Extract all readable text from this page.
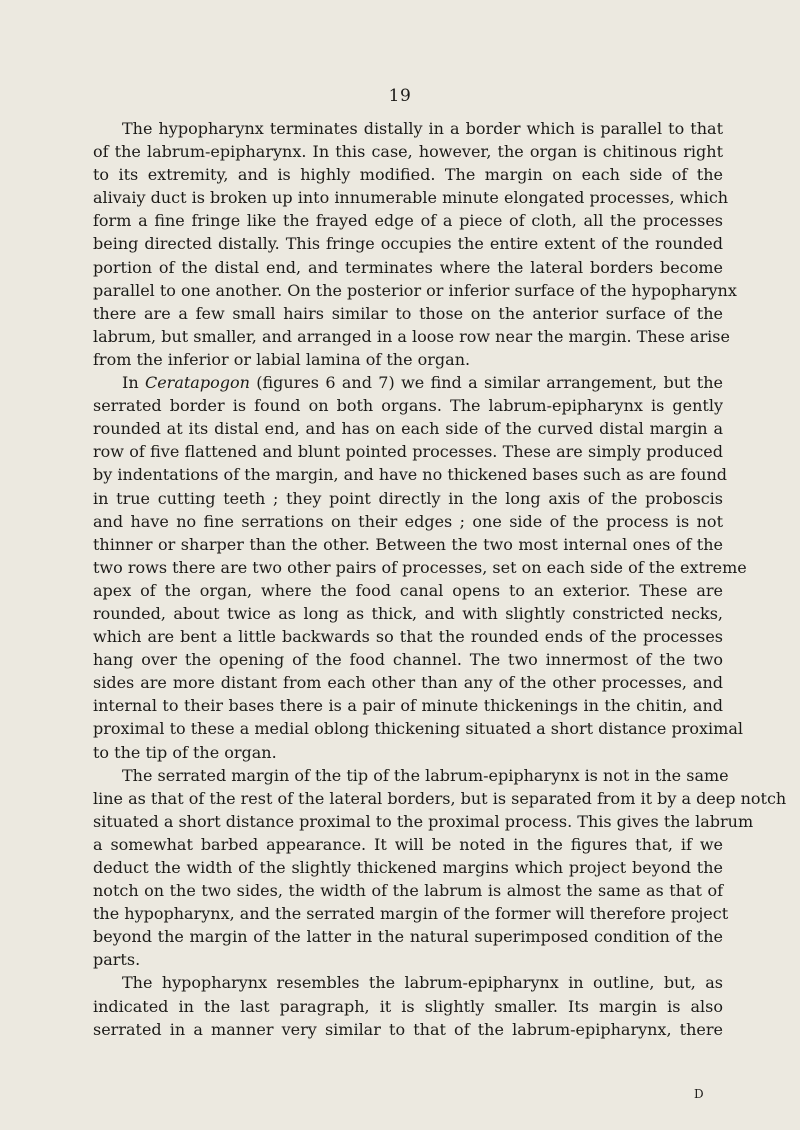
19
The hypopharynx terminates distally in a border which is parallel to that
of the labrum-epipharynx. In this case, however, the organ is chitinous right
to its extremity, and is highly modified. The margin on each side of the
alivaiy duct is broken up into innumerable minute elongated processes, which
form a fine fringe like the frayed edge of a piece of cloth, all the processes
being directed distally. This fringe occupies the entire extent of the rounded
portion of the distal end, and terminates where the lateral borders become
parallel to one another. On the posterior or inferior surface of the hypopharynx
there are a few small hairs similar to those on the anterior surface of the
labrum, but smaller, and arranged in a loose row near the margin. These arise
from the inferior or labial lamina of the organ.
In Ceratapogon (figures 6 and 7) we find a similar arrangement, but the
serrated border is found on both organs. The labrum-epipharynx is gently
rounded at its distal end, and has on each side of the curved distal margin a
row of five flattened and blunt pointed processes. These are simply produced
by indentations of the margin, and have no thickened bases such as are found
in true cutting teeth ; they point directly in the long axis of the proboscis
and have no fine serrations on their edges ; one side of the process is not
thinner or sharper than the other. Between the two most internal ones of the
two rows there are two other pairs of processes, set on each side of the extreme
apex of the organ, where the food canal opens to an exterior. These are
rounded, about twice as long as thick, and with slightly constricted necks,
which are bent a little backwards so that the rounded ends of the processes
hang over the opening of the food channel. The two innermost of the two
sides are more distant from each other than any of the other processes, and
internal to their bases there is a pair of minute thickenings in the chitin, and
proximal to these a medial oblong thickening situated a short distance proximal
to the tip of the organ.
The serrated margin of the tip of the labrum-epipharynx is not in the same
line as that of the rest of the lateral borders, but is separated from it by a deep notch
situated a short distance proximal to the proximal process. This gives the labrum
a somewhat barbed appearance. It will be noted in the figures that, if we
deduct the width of the slightly thickened margins which project beyond the
notch on the two sides, the width of the labrum is almost the same as that of
the hypopharynx, and the serrated margin of the former will therefore project
beyond the margin of the latter in the natural superimposed condition of the
parts.
The hypopharynx resembles the labrum-epipharynx in outline, but, as
indicated in the last paragraph, it is slightly smaller. Its margin is also
serrated in a manner very similar to that of the labrum-epipharynx, there
D
